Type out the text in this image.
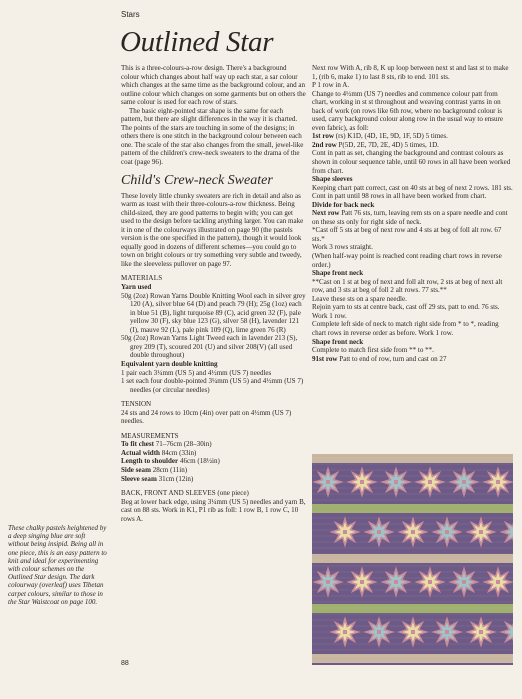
Stars
Outlined Star

This is a three-colours-a-row design. There's a background colour which changes about half way up each star, a sar colour which changes at the same time as the background colour, and an outline colour which changes on some garments but on others the same colour is used for each row of stars.

The basic eight-pointed star shape is the same for each pattern, but there are slight differences in the way it is charted. The points of the stars are touching in some of the designs; in others there is one stitch in the background colour between each one. The scale of the star also changes from the small, jewel-like pattern of the children's crew-neck sweaters to the drama of the coat (page 96).

Child's Crew-neck Sweater

These lovely little chunky sweaters are rich in detail and also as warm as toast with their three-colours-a-row thickness. Being child-sized, they are good patterns to begin with; you can get used to the design before tackling anything larger. You can make it in one of the colourways illustrated on page 90 (the pastels version is the one specified in the pattern), though it would look equally good in dozens of different schemes—you could go to town on bright colours or try something very subtle and tweedy, like the sleeveless pullover on page 97.

MATERIALS

Yarn used

50g (2oz) Rowan Yarns Double Knitting Wool each in silver grey 120 (A), silver blue 64 (D) and peach 79 (H); 25g (1oz) each in blue 51 (B), light turquoise 89 (C), acid green 32 (F), pale yellow 30 (F), sky blue 123 (G), silver 58 (H), lavender 121 (I), mauve 92 (L), pale pink 109 (Q), lime green 76 (R)

50g (2oz) Rowan Yarns Light Tweed each in lavender 213 (S), grey 209 (T), scoured 201 (U) and silver 208(V) (all used double throughout)

Equivalent yarn double knitting

1 pair each 3¼mm (US 5) and 4½mm (US 7) needles

1 set each four double-pointed 3¼mm (US 5) and 4½mm (US 7) needles (or circular needles)

TENSION

24 sts and 24 rows to 10cm (4in) over patt on 4½mm (US 7) needles.

MEASUREMENTS

To fit chest 71–76cm (28–30in)

Actual width 84cm (33in)

Length to shoulder 46cm (18½in)

Side seam 28cm (11in)

Sleeve seam 31cm (12in)

BACK, FRONT AND SLEEVES (one piece)

Beg at lower back edge, using 3¼mm (US 5) needles and yarn B, cast on 88 sts. Work in K1, P1 rib as foll: 1 row B, 1 row C, 10 rows A.

Next row With A, rib 8, K up loop between next st and last st to make 1, (rib 6, make 1) to last 8 sts, rib to end. 101 sts.

P 1 row in A.

Change to 4½mm (US 7) needles and commence colour patt from chart, working in st st throughout and weaving contrast yarns in on back of work (on rows like 6th row, where no background colour is used, carry background colour along row in the usual way to ensure even fabric), as foll:

1st row (rs) K1D, (4D, 1E, 9D, 1F, 5D) 5 times.

2nd row P(5D, 2E, 7D, 2E, 4D) 5 times, 1D.

Cont in patt as set, changing the background and contrast colours as shown in colour sequence table, until 60 rows in all have been worked from chart.

Shape sleeves

Keeping chart patt correct, cast on 40 sts at beg of next 2 rows. 181 sts.

Cont in patt until 98 rows in all have been worked from chart.

Divide for back neck

Next row Patt 76 sts, turn, leaving rem sts on a spare needle and cont on these sts only for right side of neck.

*Cast off 5 sts at beg of next row and 4 sts at beg of foll alt row. 67 sts.*

Work 3 rows straight.

(When half-way point is reached cont reading chart rows in reverse order.)

Shape front neck

**Cast on 1 st at beg of next and foll alt row, 2 sts at beg of next alt row, and 3 sts at beg of foll 2 alt rows. 77 sts.**

Leave these sts on a spare needle.

Rejoin yarn to sts at centre back, cast off 29 sts, patt to end. 76 sts. Work 1 row.

Complete left side of neck to match right side from * to *, reading chart rows in reverse order as before. Work 1 row.

Shape front neck

Complete to match first side from ** to **.

91st row Patt to end of row, turn and cast on 27

These chalky pastels heightened by a deep singing blue are soft without being insipid. Being all in one piece, this is an easy pattern to knit and ideal for experimenting with colour schemes on the Outlined Star design. The dark colourway (overleaf) uses Tibetan carpet colours, similar to those in the Star Waistcoat on page 100.
88
